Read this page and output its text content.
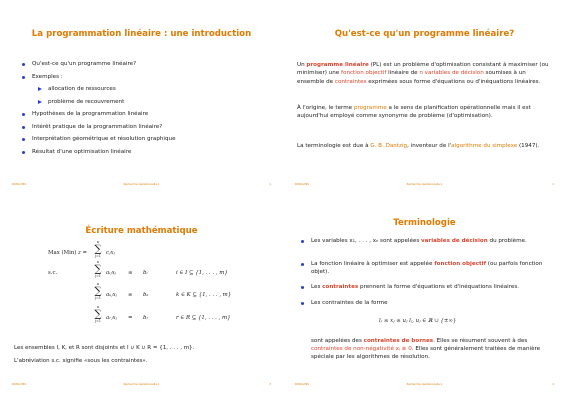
La programmation linéaire : une introduction
Qu'est-ce qu'un programme linéaire?
Exemples :
allocation de ressources
problème de recouvrement
Hypothèses de la programmation linéaire
Intérêt pratique de la programmation linéaire?
Interprétation géométrique et résolution graphique
Résultat d'une optimisation linéaire
ROSO-MR1	Recherche opérationnelle 1	1
Qu'est-ce qu'un programme linéaire?
Un programme linéaire (PL) est un problème d'optimisation consistant à maximiser (ou minimiser) une fonction objectif linéaire de n variables de décision soumises à un ensemble de contraintes exprimées sous forme d'équations ou d'inéquations linéaires.
À l'origine, le terme programme a le sens de planification opérationnelle mais il est aujourd'hui employé comme synonyme de problème (d'optimisation).
La terminologie est due à G. B. Dantzig, inventeur de l'algorithme du simplexe (1947).
ROSO-MR1	Recherche opérationnelle 1	2
Écriture mathématique
Max (Min) z =
n
∑
j=1 cⱼxⱼ
s.c.
n
∑
j=1 aᵢⱼxⱼ ≤ bᵢ	i ∈ I ⊆ {1, . . . , m}
n
∑
j=1 aₖⱼxⱼ ≥ bₖ	k ∈ K ⊆ {1, . . . , m}
n
∑
j=1 aᵣⱼxⱼ = bᵣ	r ∈ R ⊆ {1, . . . , m}
Les ensembles I, K, et R sont disjoints et I ∪ K ∪ R = {1, . . . , m}.
L'abréviation s.c. signifie «sous les contraintes».
ROSO-MR1	Recherche opérationnelle 1	3
Terminologie
Les variables x₁, . . . , xₙ sont appelées variables de décision du problème.
La fonction linéaire à optimiser est appelée fonction objectif (ou parfois fonction objet).
Les contraintes prennent la forme d'équations et d'inéquations linéaires.
Les contraintes de la forme
lⱼ ≤ xⱼ ≤ uⱼ lⱼ, uⱼ ∈ ℝ ∪ {±∞}
sont appelées des contraintes de bornes. Elles se résument souvent à des contraintes de non-négativité xⱼ ≥ 0. Elles sont généralement traitées de manière spéciale par les algorithmes de résolution.
ROSO-MR1	Recherche opérationnelle 1	4
